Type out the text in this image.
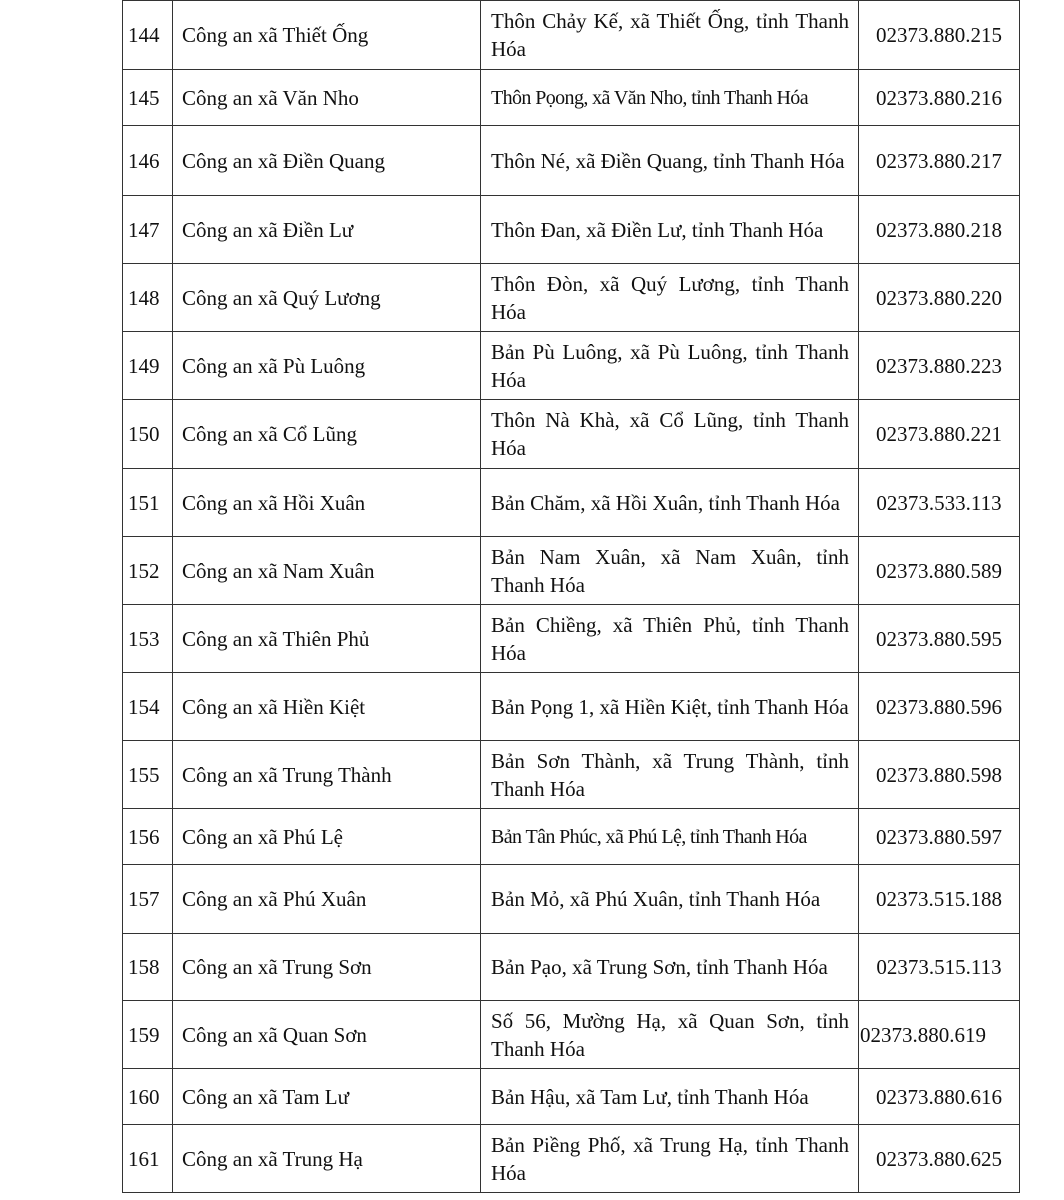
144	Công an xã Thiết Ống	Thôn Chảy Kế, xã Thiết Ống, tỉnh Thanh Hóa	02373.880.215
145	Công an xã Văn Nho	Thôn Pọong, xã Văn Nho, tỉnh Thanh Hóa	02373.880.216
146	Công an xã Điền Quang	Thôn Né, xã Điền Quang, tỉnh Thanh Hóa	02373.880.217
147	Công an xã Điền Lư	Thôn Đan, xã Điền Lư, tỉnh Thanh Hóa	02373.880.218
148	Công an xã Quý Lương	Thôn Đòn, xã Quý Lương, tỉnh Thanh Hóa	02373.880.220
149	Công an xã Pù Luông	Bản Pù Luông, xã Pù Luông, tỉnh Thanh Hóa	02373.880.223
150	Công an xã Cổ Lũng	Thôn Nà Khà, xã Cổ Lũng, tỉnh Thanh Hóa	02373.880.221
151	Công an xã Hồi Xuân	Bản Chăm, xã Hồi Xuân, tỉnh Thanh Hóa	02373.533.113
152	Công an xã Nam Xuân	Bản Nam Xuân, xã Nam Xuân, tỉnh Thanh Hóa	02373.880.589
153	Công an xã Thiên Phủ	Bản Chiềng, xã Thiên Phủ, tỉnh Thanh Hóa	02373.880.595
154	Công an xã Hiền Kiệt	Bản Pọng 1, xã Hiền Kiệt, tỉnh Thanh Hóa	02373.880.596
155	Công an xã Trung Thành	Bản Sơn Thành, xã Trung Thành, tỉnh Thanh Hóa	02373.880.598
156	Công an xã Phú Lệ	Bản Tân Phúc, xã Phú Lệ, tỉnh Thanh Hóa	02373.880.597
157	Công an xã Phú Xuân	Bản Mỏ, xã Phú Xuân, tỉnh Thanh Hóa	02373.515.188
158	Công an xã Trung Sơn	Bản Pạo, xã Trung Sơn, tỉnh Thanh Hóa	02373.515.113
159	Công an xã Quan Sơn	Số 56, Mường Hạ, xã Quan Sơn, tỉnh Thanh Hóa	02373.880.619
160	Công an xã Tam Lư	Bản Hậu, xã Tam Lư, tỉnh Thanh Hóa	02373.880.616
161	Công an xã Trung Hạ	Bản Piềng Phố, xã Trung Hạ, tỉnh Thanh Hóa	02373.880.625
